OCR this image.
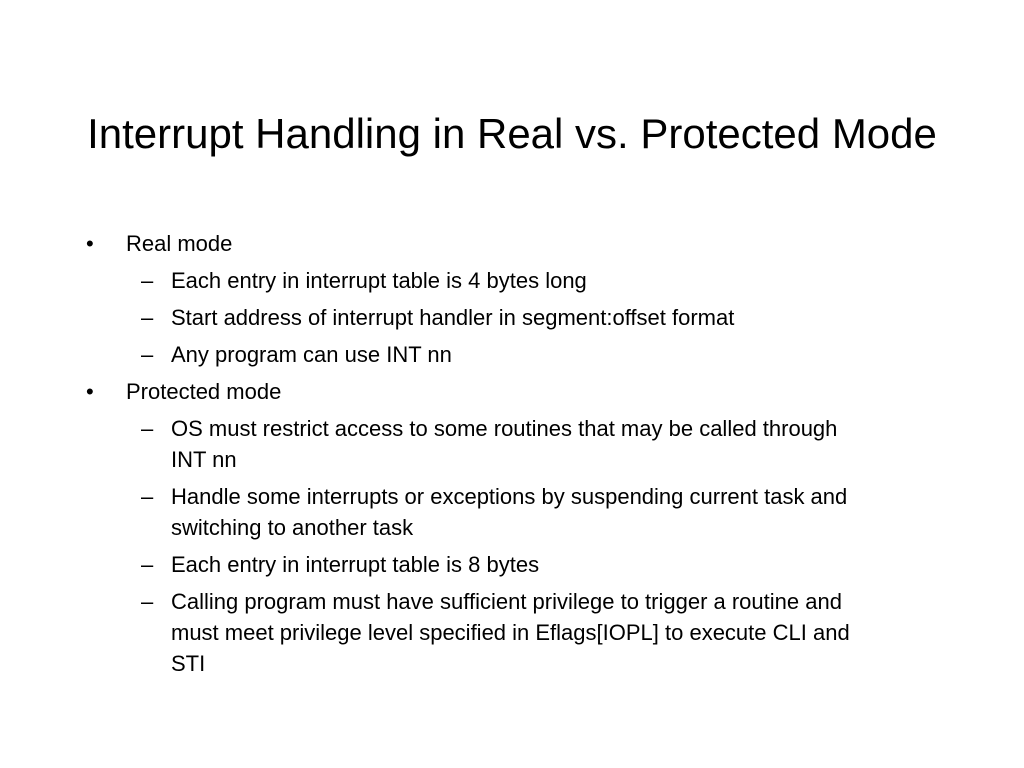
Interrupt Handling in Real vs. Protected Mode
•	Real mode
– Each entry in interrupt table is 4 bytes long
– Start address of interrupt handler in segment:offset format
– Any program can use INT nn
•	Protected mode
– OS must restrict access to some routines that may be called through INT nn
– Handle some interrupts or exceptions by suspending current task and switching to another task
– Each entry in interrupt table is 8 bytes
– Calling program must have sufficient privilege to trigger a routine and must meet privilege level specified in Eflags[IOPL] to execute CLI and STI
